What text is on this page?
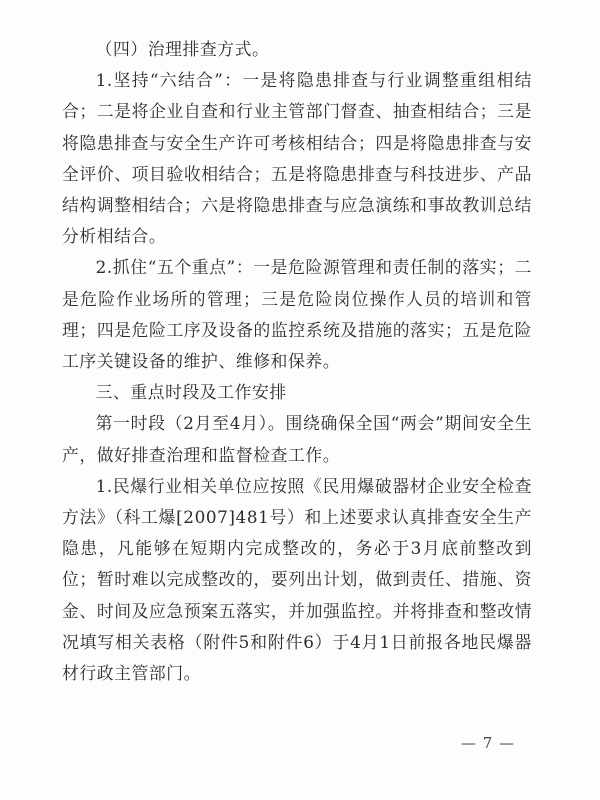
（四）治理排查方式。

1.坚持“六结合”：一是将隐患排查与行业调整重组相结合；二是将企业自查和行业主管部门督查、抽查相结合；三是将隐患排查与安全生产许可考核相结合；四是将隐患排查与安全评价、项目验收相结合；五是将隐患排查与科技进步、产品结构调整相结合；六是将隐患排查与应急演练和事故教训总结分析相结合。

2.抓住“五个重点”：一是危险源管理和责任制的落实；二是危险作业场所的管理；三是危险岗位操作人员的培训和管理；四是危险工序及设备的监控系统及措施的落实；五是危险工序关键设备的维护、维修和保养。

三、重点时段及工作安排

第一时段（2月至4月）。围绕确保全国“两会”期间安全生产，做好排查治理和监督检查工作。

1.民爆行业相关单位应按照《民用爆破器材企业安全检查方法》（科工爆[2007]481号）和上述要求认真排查安全生产隐患，凡能够在短期内完成整改的，务必于3月底前整改到位；暂时难以完成整改的，要列出计划，做到责任、措施、资金、时间及应急预案五落实，并加强监控。并将排查和整改情况填写相关表格（附件5和附件6）于4月1日前报各地民爆器材行政主管部门。

— 7 —
